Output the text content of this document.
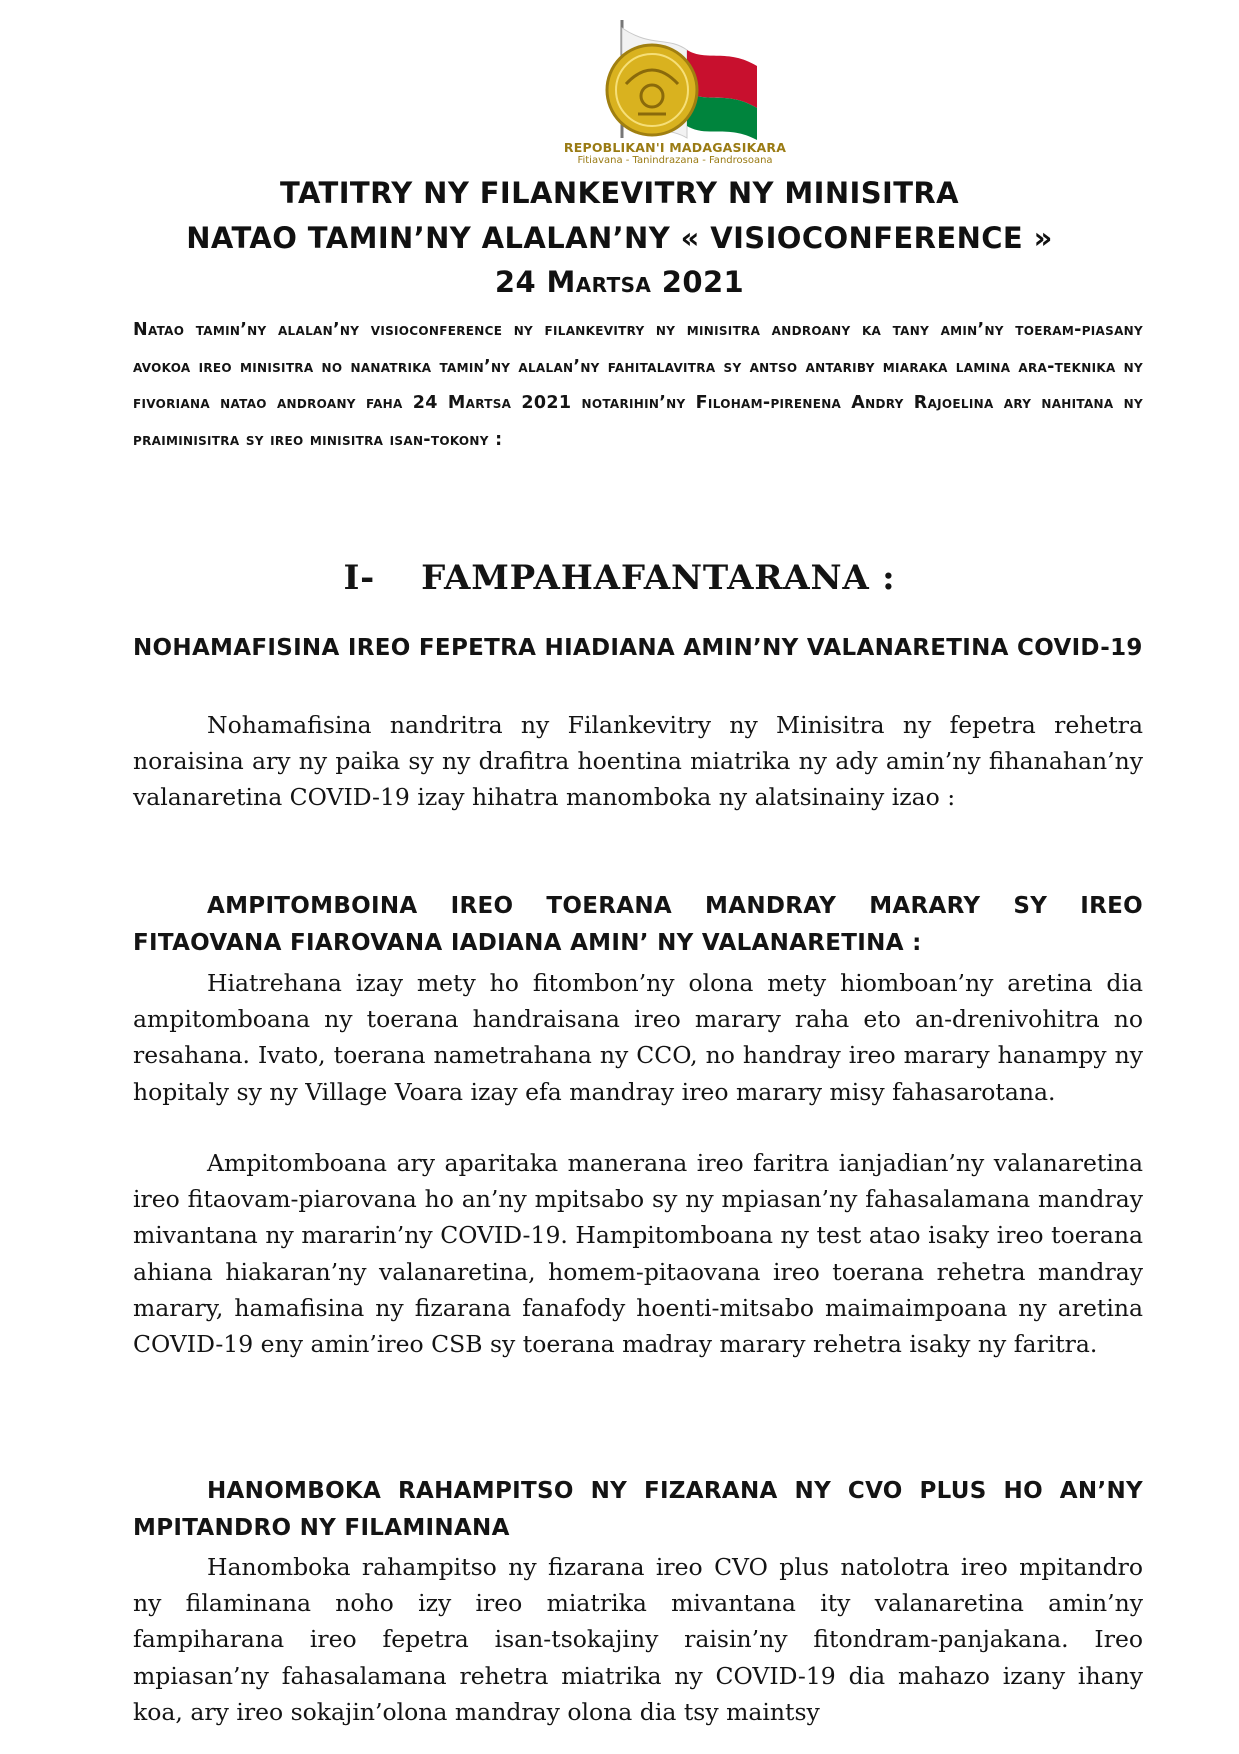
REPOBLIKAN'I MADAGASIKARA
Fitiavana - Tanindrazana - Fandrosoana
TATITRY NY FILANKEVITRY NY MINISITRA
NATAO TAMIN’NY ALALAN’NY « VISIOCONFERENCE »
24 Martsa 2021
Natao tamin’ny alalan’ny visioconference ny filankevitry ny minisitra androany ka tany amin’ny toeram-piasany avokoa ireo minisitra no nanatrika tamin’ny alalan’ny fahitalavitra sy antso antariby miaraka lamina ara-teknika ny fivoriana natao androany faha 24 Martsa 2021 notarihin’ny Filoham-pirenena Andry Rajoelina ary nahitana ny praiminisitra sy ireo minisitra isan-tokony :
I- FAMPAHAFANTARANA :
NOHAMAFISINA IREO FEPETRA HIADIANA AMIN’NY VALANARETINA COVID-19
Nohamafisina nandritra ny Filankevitry ny Minisitra ny fepetra rehetra noraisina ary ny paika sy ny drafitra hoentina miatrika ny ady amin’ny fihanahan’ny valanaretina COVID-19 izay hihatra manomboka ny alatsinainy izao :
AMPITOMBOINA IREO TOERANA MANDRAY MARARY SY IREO FITAOVANA FIAROVANA IADIANA AMIN’ NY VALANARETINA :
Hiatrehana izay mety ho fitombon’ny olona mety hiomboan’ny aretina dia ampitomboana ny toerana handraisana ireo marary raha eto an-drenivohitra no resahana. Ivato, toerana nametrahana ny CCO, no handray ireo marary hanampy ny hopitaly sy ny Village Voara izay efa mandray ireo marary misy fahasarotana.
Ampitomboana ary aparitaka manerana ireo faritra ianjadian’ny valanaretina ireo fitaovam-piarovana ho an’ny mpitsabo sy ny mpiasan’ny fahasalamana mandray mivantana ny mararin’ny COVID-19. Hampitomboana ny test atao isaky ireo toerana ahiana hiakaran’ny valanaretina, homem-pitaovana ireo toerana rehetra mandray marary, hamafisina ny fizarana fanafody hoenti-mitsabo maimaimpoana ny aretina COVID-19 eny amin’ireo CSB sy toerana madray marary rehetra isaky ny faritra.
HANOMBOKA RAHAMPITSO NY FIZARANA NY CVO PLUS HO AN’NY MPITANDRO NY FILAMINANA
Hanomboka rahampitso ny fizarana ireo CVO plus natolotra ireo mpitandro ny filaminana noho izy ireo miatrika mivantana ity valanaretina amin’ny fampiharana ireo fepetra isan-tsokajiny raisin’ny fitondram-panjakana. Ireo mpiasan’ny fahasalamana rehetra miatrika ny COVID-19 dia mahazo izany ihany koa, ary ireo sokajin’olona mandray olona dia tsy maintsy
